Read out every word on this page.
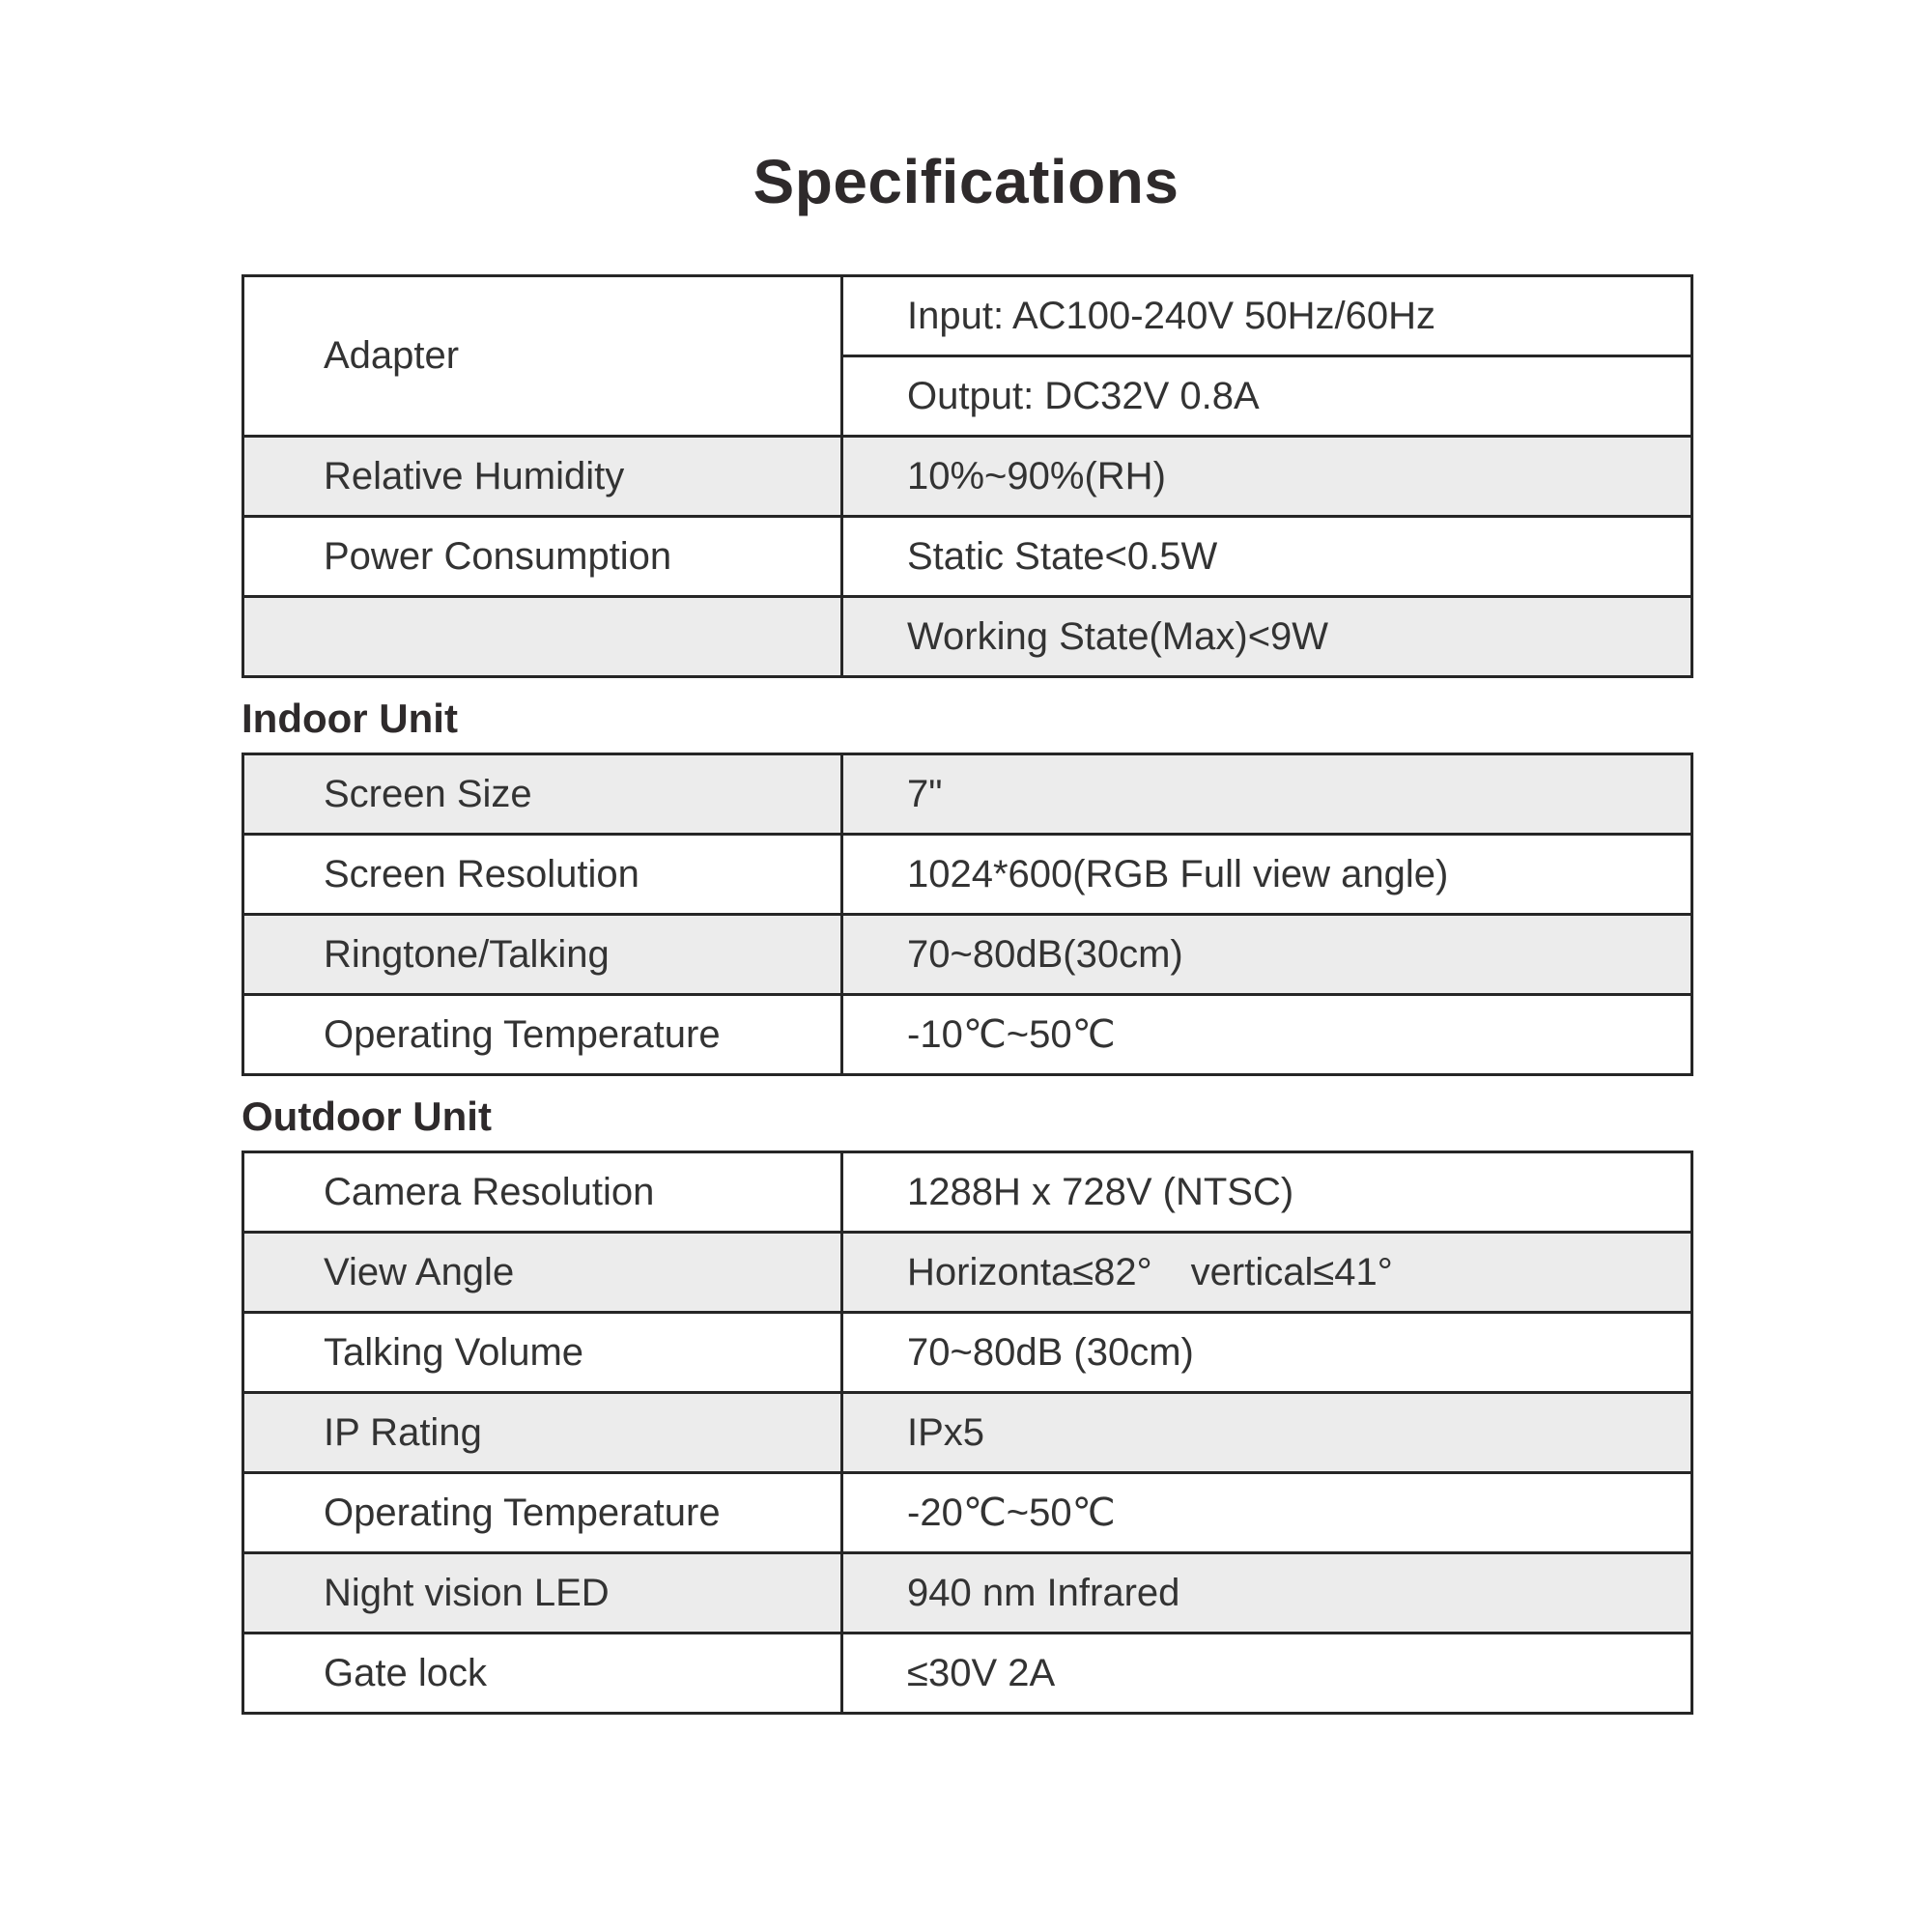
Specifications
Adapter	Input: AC100-240V 50Hz/60Hz
	Output: DC32V 0.8A
Relative Humidity	10%~90%(RH)
Power Consumption	Static State<0.5W
	Working State(Max)<9W
Indoor Unit
Screen Size	7"
Screen Resolution	1024*600(RGB Full view angle)
Ringtone/Talking	70~80dB(30cm)
Operating Temperature	-10℃~50℃
Outdoor Unit
Camera Resolution	1288H x 728V (NTSC)
View Angle	Horizonta≤82° vertical≤41°
Talking Volume	70~80dB (30cm)
IP Rating	IPx5
Operating Temperature	-20℃~50℃
Night vision LED	940 nm Infrared
Gate lock	≤30V 2A
